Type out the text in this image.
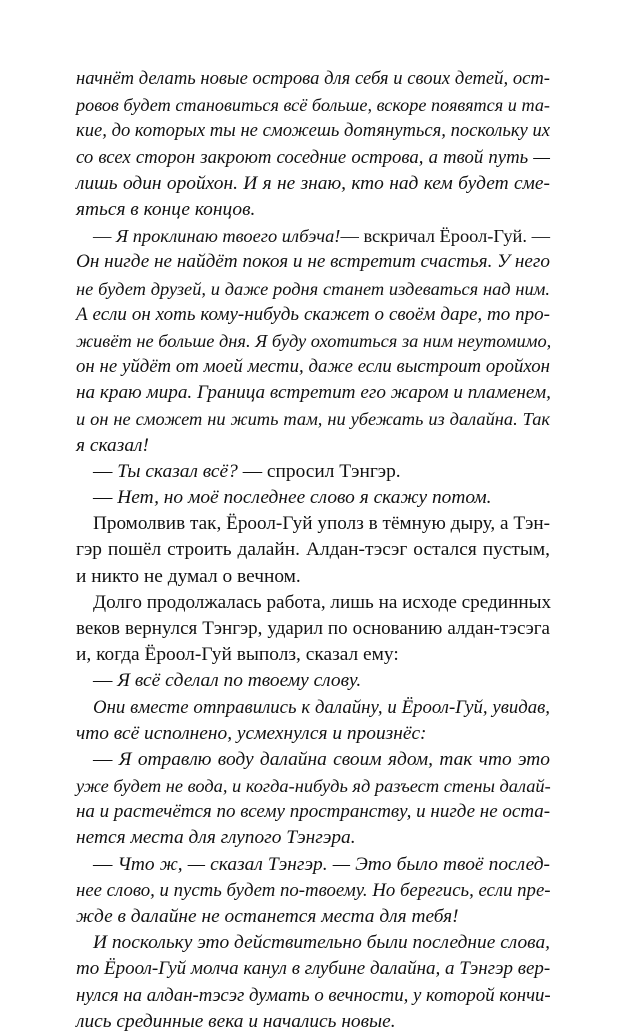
начнёт делать новые острова для себя и своих детей, ост-
ровов будет становиться всё больше, вскоре появятся и та-
кие, до которых ты не сможешь дотянуться, поскольку их
со всех сторон закроют соседние острова, а твой путь —
лишь один оройхон. И я не знаю, кто над кем будет сме-
яться в конце концов.
— Я проклинаю твоего илбэча!— вскричал Ёроол-Гуй. —
Он нигде не найдёт покоя и не встретит счастья. У него
не будет друзей, и даже родня станет издеваться над ним.
А если он хоть кому-нибудь скажет о своём даре, то про-
живёт не больше дня. Я буду охотиться за ним неутомимо,
он не уйдёт от моей мести, даже если выстроит оройхон
на краю мира. Граница встретит его жаром и пламенем,
и он не сможет ни жить там, ни убежать из далайна. Так
я сказал!
— Ты сказал всё? — спросил Тэнгэр.
— Нет, но моё последнее слово я скажу потом.
Промолвив так, Ёроол-Гуй уполз в тёмную дыру, а Тэн-
гэр пошёл строить далайн. Алдан-тэсэг остался пустым,
и никто не думал о вечном.
Долго продолжалась работа, лишь на исходе срединных
веков вернулся Тэнгэр, ударил по основанию алдан-тэсэга
и, когда Ёроол-Гуй выполз, сказал ему:
— Я всё сделал по твоему слову.
Они вместе отправились к далайну, и Ёроол-Гуй, увидав,
что всё исполнено, усмехнулся и произнёс:
— Я отравлю воду далайна своим ядом, так что это
уже будет не вода, и когда-нибудь яд разъест стены далай-
на и растечётся по всему пространству, и нигде не оста-
нется места для глупого Тэнгэра.
— Что ж, — сказал Тэнгэр. — Это было твоё послед-
нее слово, и пусть будет по-твоему. Но берегись, если пре-
жде в далайне не останется места для тебя!
И поскольку это действительно были последние слова,
то Ёроол-Гуй молча канул в глубине далайна, а Тэнгэр вер-
нулся на алдан-тэсэг думать о вечности, у которой кончи-
лись срединные века и начались новые.
